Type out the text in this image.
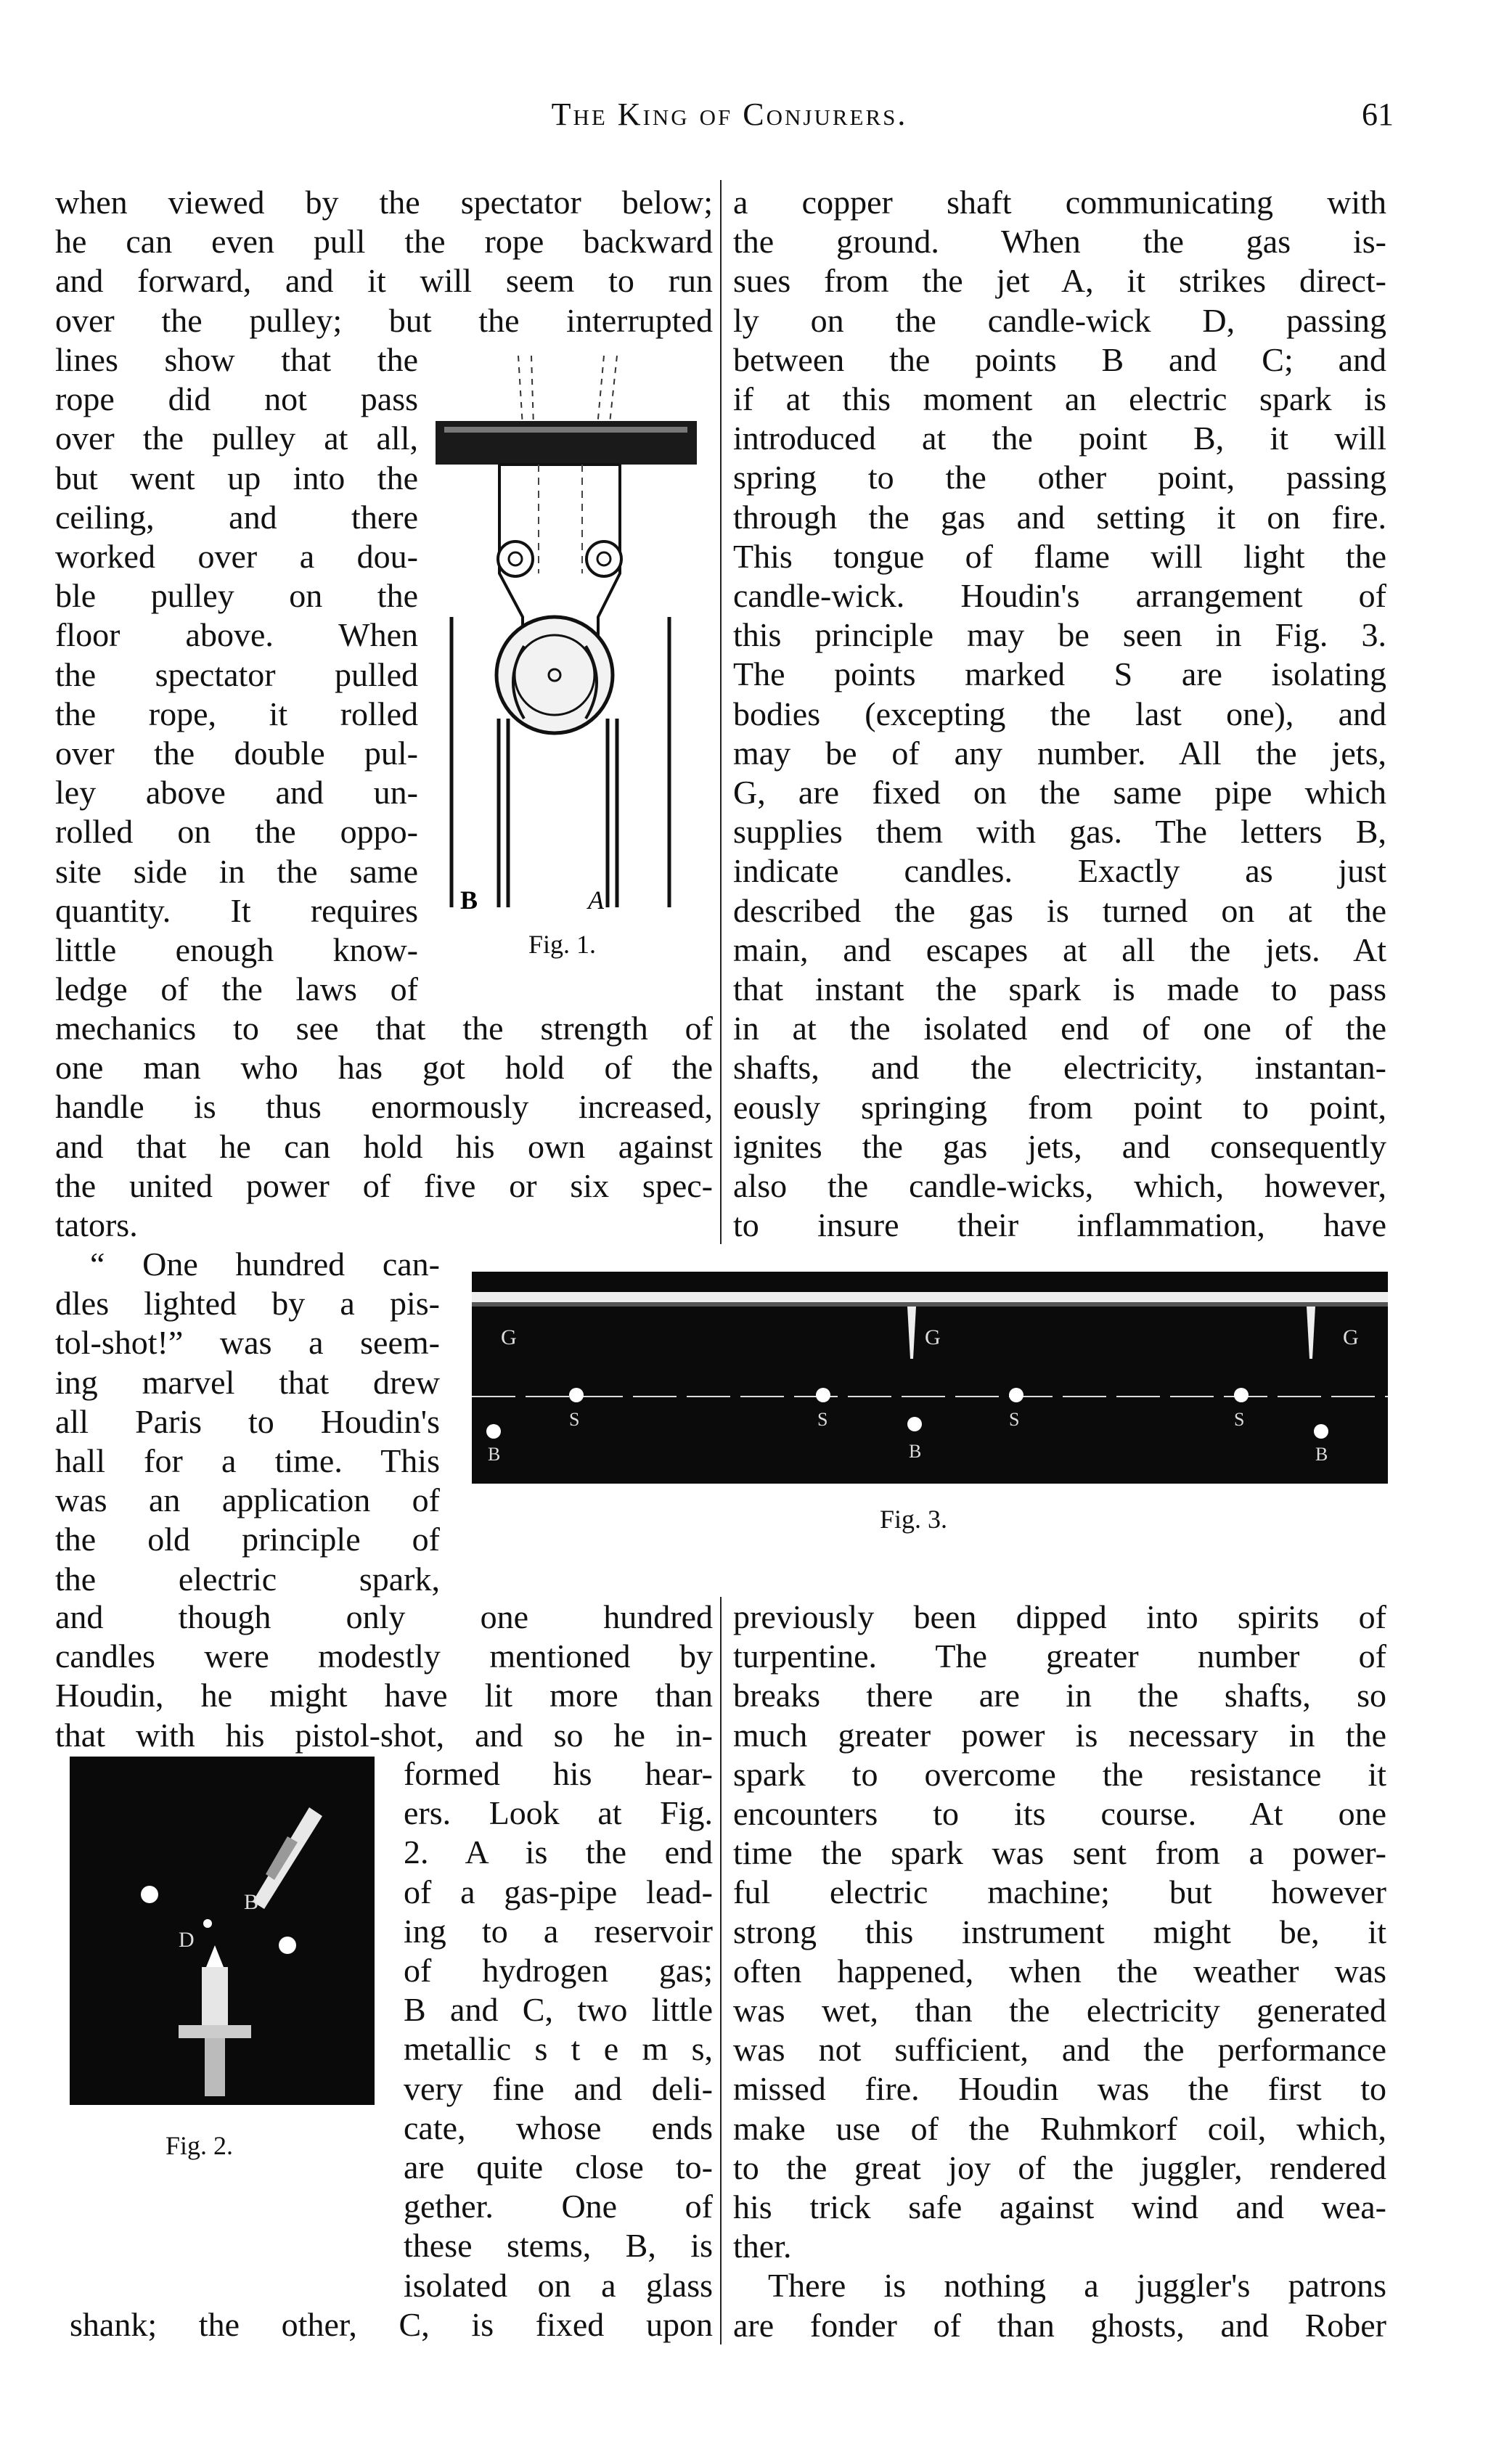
The King of Conjurers.	61
when viewed by the spectator below;
he can even pull the rope backward
and forward, and it will seem to run
over the pulley; but the interrupted
lines show that the
rope did not pass
over the pulley at all,
but went up into the
ceiling, and there
worked over a dou-
ble pulley on the
floor above. When
the spectator pulled
the rope, it rolled
over the double pul-
ley above and un-
rolled on the oppo-
site side in the same
quantity. It requires
little enough know-
ledge of the laws of
B	A
Fig. 1.
mechanics to see that the strength of
one man who has got hold of the
handle is thus enormously increased,
and that he can hold his own against
the united power of five or six spec-
tators.
a copper shaft communicating with
the ground. When the gas is-
sues from the jet A, it strikes direct-
ly on the candle-wick D, passing
between the points B and C; and
if at this moment an electric spark is
introduced at the point B, it will
spring to the other point, passing
through the gas and setting it on fire.
This tongue of flame will light the
candle-wick. Houdin's arrangement of
this principle may be seen in Fig. 3.
The points marked S are isolating
bodies (excepting the last one), and
may be of any number. All the jets,
G, are fixed on the same pipe which
supplies them with gas. The letters B,
indicate candles. Exactly as just
described the gas is turned on at the
main, and escapes at all the jets. At
that instant the spark is made to pass
in at the isolated end of one of the
shafts, and the electricity, instantan-
eously springing from point to point,
ignites the gas jets, and consequently
also the candle-wicks, which, however,
to insure their inflammation, have
“ One hundred can-
dles lighted by a pis-
tol-shot!” was a seem-
ing marvel that drew
all Paris to Houdin's
hall for a time. This
was an application of
the old principle of
the electric spark,
G	G	G
S	S	S	S
B	B	B
Fig. 3.
and though only one hundred
candles were modestly mentioned by
Houdin, he might have lit more than
that with his pistol-shot, and so he in-
B
D
Fig. 2.
formed his hear-
ers. Look at Fig.
2. A is the end
of a gas-pipe lead-
ing to a reservoir
of hydrogen gas;
B and C, two little
metallic s t e m s,
very fine and deli-
cate, whose ends
are quite close to-
gether. One of
these stems, B, is
isolated on a glass
shank; the other, C, is fixed upon
previously been dipped into spirits of
turpentine. The greater number of
breaks there are in the shafts, so
much greater power is necessary in the
spark to overcome the resistance it
encounters to its course. At one
time the spark was sent from a power-
ful electric machine; but however
strong this instrument might be, it
often happened, when the weather was
was wet, than the electricity generated
was not sufficient, and the performance
missed fire. Houdin was the first to
make use of the Ruhmkorf coil, which,
to the great joy of the juggler, rendered
his trick safe against wind and wea-
ther.
There is nothing a juggler's patrons
are fonder of than ghosts, and Rober
